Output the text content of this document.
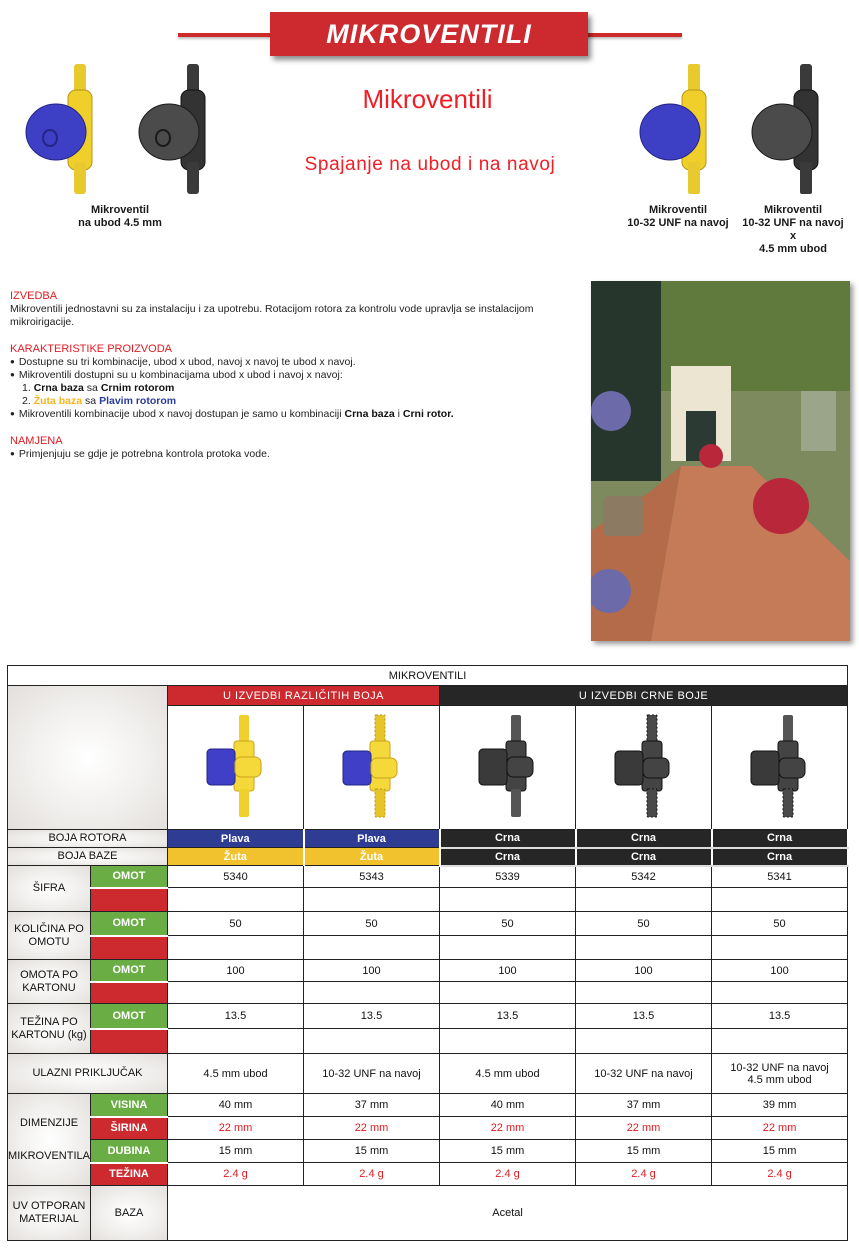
MIKROVENTILI
Mikroventili
Spajanje na ubod i na navoj
Mikroventil
na ubod 4.5 mm
Mikroventil
10-32 UNF na navoj
Mikroventil
10-32 UNF na navoj
x
4.5 mm ubod

IZVEDBA

Mikroventili jednostavni su za instalaciju i za upotrebu. Rotacijom rotora za kontrolu vode upravlja se instalacijom mikroirigacije.

KARAKTERISTIKE PROIZVODA

● Dostupne su tri kombinacije, ubod x ubod, navoj x navoj te ubod x navoj.

● Mikroventili dostupni su u kombinacijama ubod x ubod i navoj x navoj:

1. Crna baza sa Crnim rotorom

2. Žuta baza sa Plavim rotorom

● Mikroventili kombinacije ubod x navoj dostupan je samo u kombinaciji Crna baza i Crni rotor.

NAMJENA

● Primjenjuju se gdje je potrebna kontrola protoka vode.

MIKROVENTILI						
		U IZVEDBI RAZLIČITIH BOJA		U IZVEDBI CRNE BOJE		

BOJA ROTORA		Plava	Plava	Crna	Crna	Crna
BOJA BAZE		Žuta	Žuta	Crna	Crna	Crna
ŠIFRA	OMOT	5340	5343	5339	5342	5341

KOLIČINA PO OMOTU	OMOT	50	50	50	50	50

OMOTA PO KARTONU	OMOT	100	100	100	100	100

TEŽINA PO KARTONU (kg)	OMOT	13.5	13.5	13.5	13.5	13.5

ULAZNI PRIKLJUČAK		4.5 mm ubod	10-32 UNF na navoj	4.5 mm ubod	10-32 UNF na navoj	10-32 UNF na navoj
4.5 mm ubod

DIMENZIJE
MIKROVENTILA	VISINA	40 mm	37 mm	40 mm	37 mm	39 mm
	ŠIRINA	22 mm	22 mm	22 mm	22 mm	22 mm
	DUBINA	15 mm	15 mm	15 mm	15 mm	15 mm
	TEŽINA	2.4 g	2.4 g	2.4 g	2.4 g	2.4 g
UV OTPORAN MATERIJAL	BAZA	Acetal				
